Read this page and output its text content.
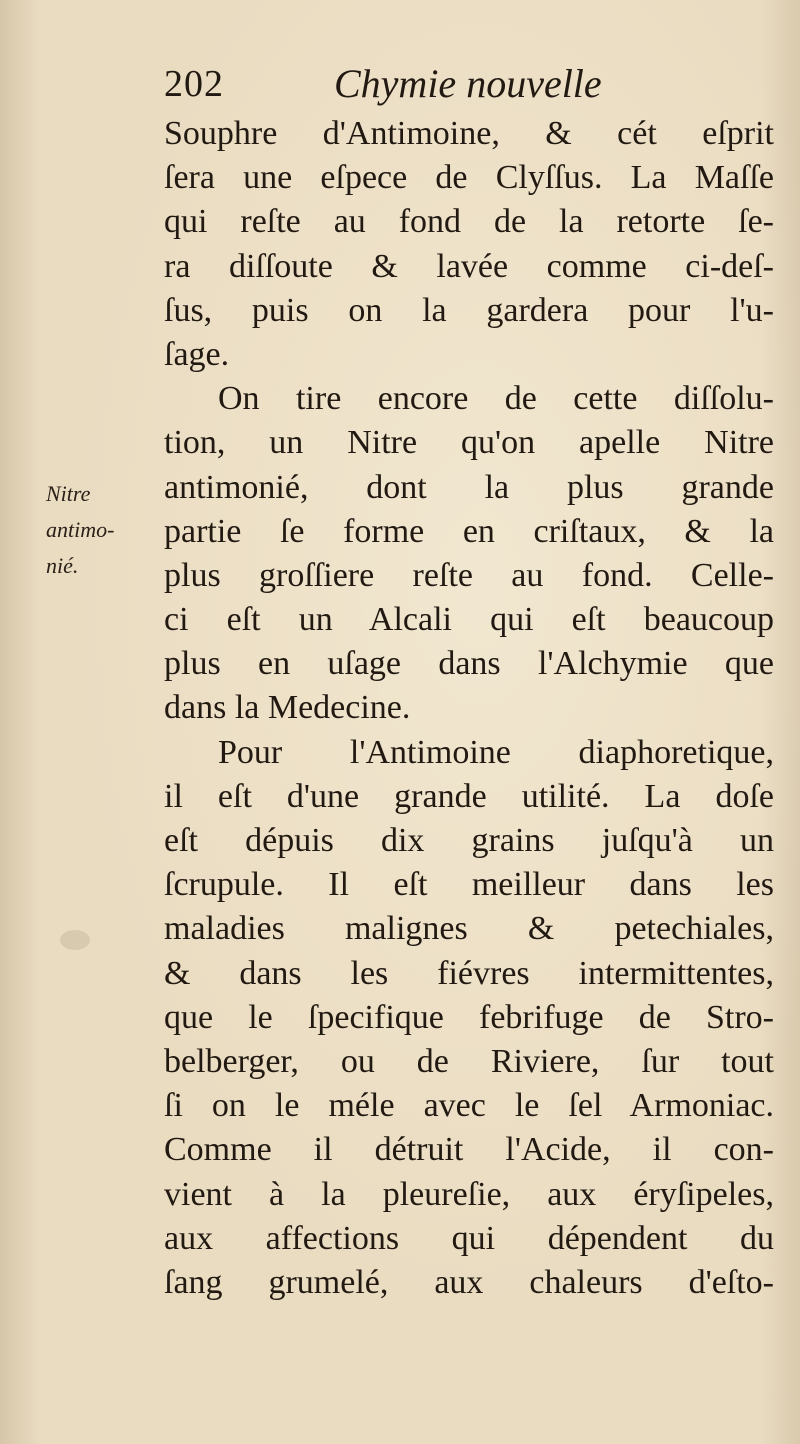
202	Chymie nouvelle
Nitre
antimo-
nié.
Souphre d'Antimoine, & cét eſprit
ſera une eſpece de Clyſſus. La Maſſe
qui reſte au fond de la retorte ſe-
ra diſſoute & lavée comme ci-deſ-
ſus, puis on la gardera pour l'u-
ſage.
On tire encore de cette diſſolu-
tion, un Nitre qu'on apelle Nitre
antimonié, dont la plus grande
partie ſe forme en criſtaux, & la
plus groſſiere reſte au fond. Celle-
ci eſt un Alcali qui eſt beaucoup
plus en uſage dans l'Alchymie que
dans la Medecine.
Pour l'Antimoine diaphoretique,
il eſt d'une grande utilité. La doſe
eſt dépuis dix grains juſqu'à un
ſcrupule. Il eſt meilleur dans les
maladies malignes & petechiales,
& dans les fiévres intermittentes,
que le ſpecifique febrifuge de Stro-
belberger, ou de Riviere, ſur tout
ſi on le méle avec le ſel Armoniac.
Comme il détruit l'Acide, il con-
vient à la pleureſie, aux éryſipeles,
aux affections qui dépendent du
ſang grumelé, aux chaleurs d'eſto-
